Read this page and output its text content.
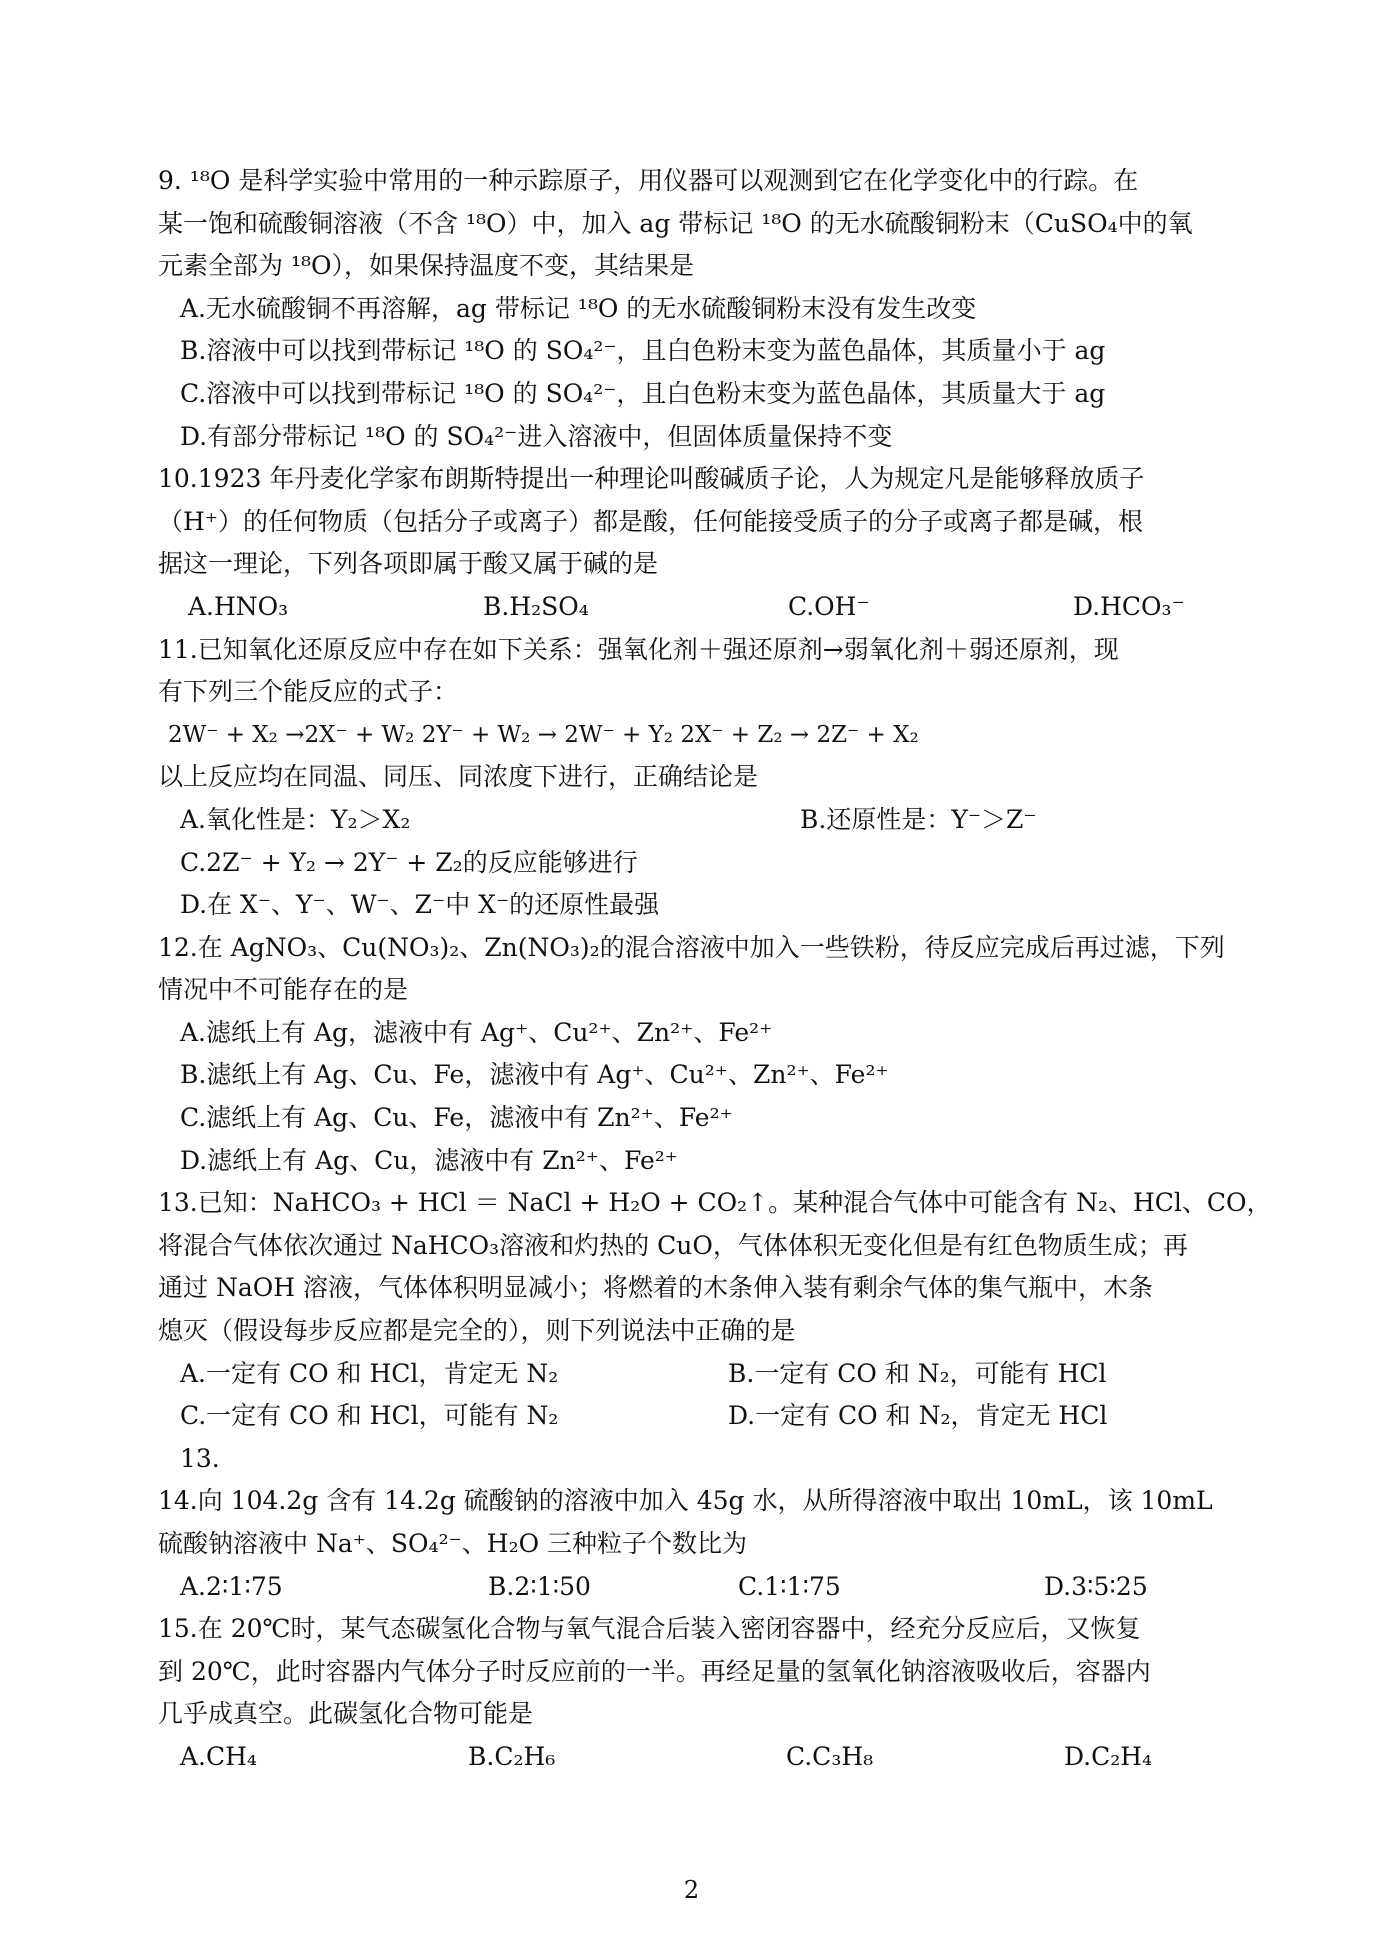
9. ¹⁸O 是科学实验中常用的一种示踪原子，用仪器可以观测到它在化学变化中的行踪。在
某一饱和硫酸铜溶液（不含 ¹⁸O）中，加入 ag 带标记 ¹⁸O 的无水硫酸铜粉末（CuSO₄中的氧
元素全部为 ¹⁸O），如果保持温度不变，其结果是
A.无水硫酸铜不再溶解，ag 带标记 ¹⁸O 的无水硫酸铜粉末没有发生改变
B.溶液中可以找到带标记 ¹⁸O 的 SO₄²⁻，且白色粉末变为蓝色晶体，其质量小于 ag
C.溶液中可以找到带标记 ¹⁸O 的 SO₄²⁻，且白色粉末变为蓝色晶体，其质量大于 ag
D.有部分带标记 ¹⁸O 的 SO₄²⁻进入溶液中，但固体质量保持不变
10.1923 年丹麦化学家布朗斯特提出一种理论叫酸碱质子论，人为规定凡是能够释放质子
（H⁺）的任何物质（包括分子或离子）都是酸，任何能接受质子的分子或离子都是碱，根
据这一理论，下列各项即属于酸又属于碱的是
A.HNO₃	B.H₂SO₄	C.OH⁻	D.HCO₃⁻
11.已知氧化还原反应中存在如下关系：强氧化剂＋强还原剂→弱氧化剂＋弱还原剂，现
有下列三个能反应的式子：
2W⁻ + X₂ →2X⁻ + W₂ 2Y⁻ + W₂ → 2W⁻ + Y₂ 2X⁻ + Z₂ → 2Z⁻ + X₂
以上反应均在同温、同压、同浓度下进行，正确结论是
A.氧化性是：Y₂＞X₂	B.还原性是：Y⁻＞Z⁻
C.2Z⁻ + Y₂ → 2Y⁻ + Z₂的反应能够进行
D.在 X⁻、Y⁻、W⁻、Z⁻中 X⁻的还原性最强
12.在 AgNO₃、Cu(NO₃)₂、Zn(NO₃)₂的混合溶液中加入一些铁粉，待反应完成后再过滤，下列
情况中不可能存在的是
A.滤纸上有 Ag，滤液中有 Ag⁺、Cu²⁺、Zn²⁺、Fe²⁺
B.滤纸上有 Ag、Cu、Fe，滤液中有 Ag⁺、Cu²⁺、Zn²⁺、Fe²⁺
C.滤纸上有 Ag、Cu、Fe，滤液中有 Zn²⁺、Fe²⁺
D.滤纸上有 Ag、Cu，滤液中有 Zn²⁺、Fe²⁺
13.已知：NaHCO₃ + HCl ＝ NaCl + H₂O + CO₂↑。某种混合气体中可能含有 N₂、HCl、CO，
将混合气体依次通过 NaHCO₃溶液和灼热的 CuO，气体体积无变化但是有红色物质生成；再
通过 NaOH 溶液，气体体积明显减小；将燃着的木条伸入装有剩余气体的集气瓶中，木条
熄灭（假设每步反应都是完全的），则下列说法中正确的是
A.一定有 CO 和 HCl，肯定无 N₂	B.一定有 CO 和 N₂，可能有 HCl
C.一定有 CO 和 HCl，可能有 N₂	D.一定有 CO 和 N₂，肯定无 HCl
13.
14.向 104.2g 含有 14.2g 硫酸钠的溶液中加入 45g 水，从所得溶液中取出 10mL，该 10mL
硫酸钠溶液中 Na⁺、SO₄²⁻、H₂O 三种粒子个数比为
A.2∶1∶75	B.2∶1∶50	C.1∶1∶75	D.3∶5∶25
15.在 20℃时，某气态碳氢化合物与氧气混合后装入密闭容器中，经充分反应后，又恢复
到 20℃，此时容器内气体分子时反应前的一半。再经足量的氢氧化钠溶液吸收后，容器内
几乎成真空。此碳氢化合物可能是
A.CH₄	B.C₂H₆	C.C₃H₈	D.C₂H₄
2
